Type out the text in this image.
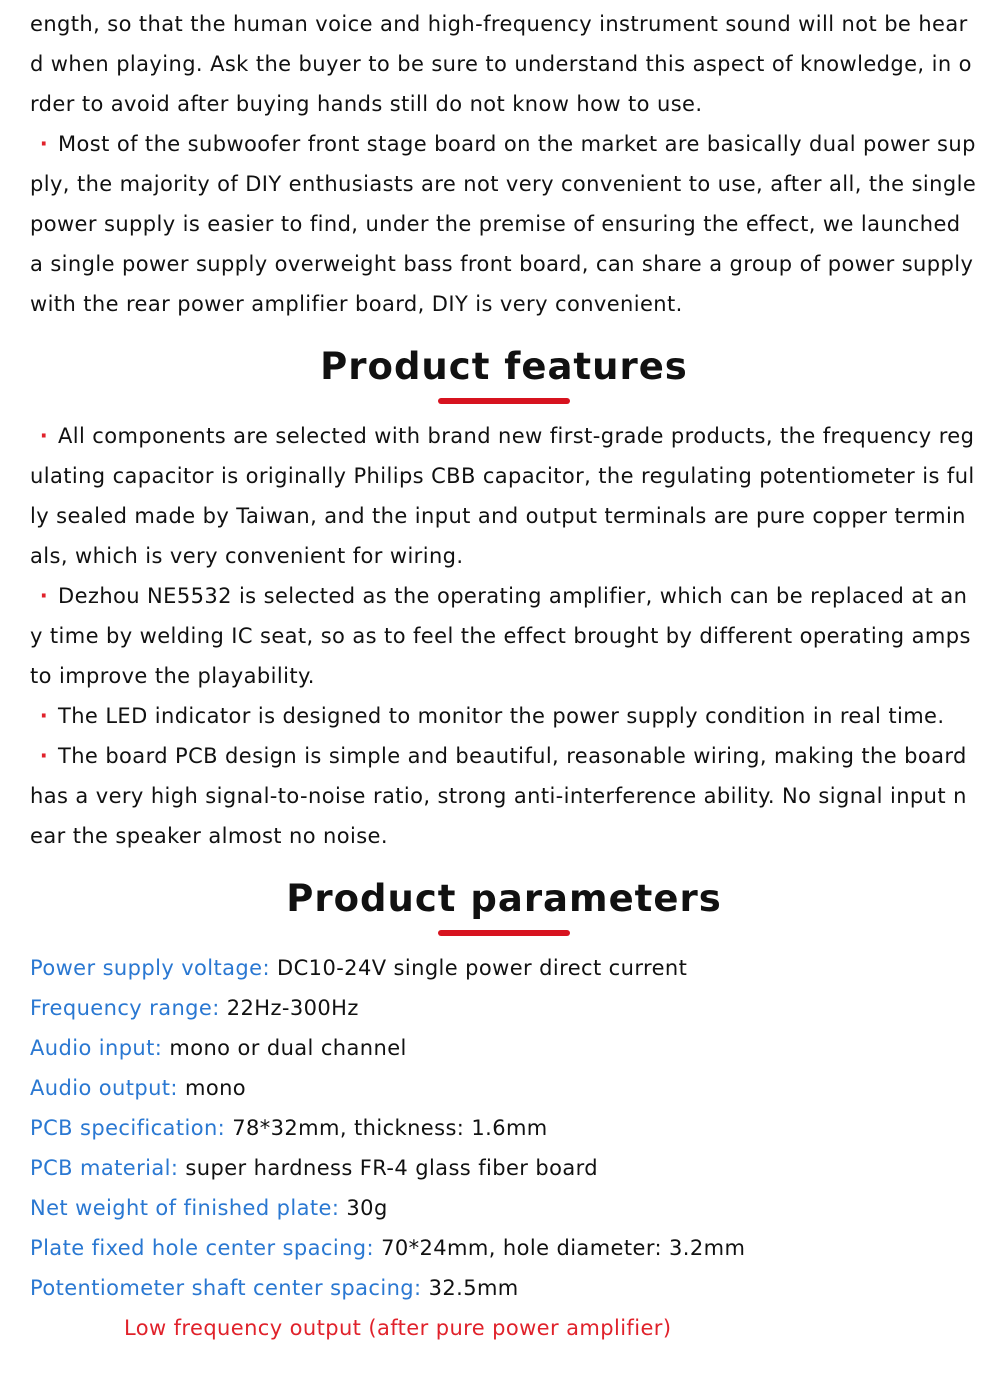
ength, so that the human voice and high-frequency instrument sound will not be heard when playing. Ask the buyer to be sure to understand this aspect of knowledge, in order to avoid after buying hands still do not know how to use.

· Most of the subwoofer front stage board on the market are basically dual power supply, the majority of DIY enthusiasts are not very convenient to use, after all, the single power supply is easier to find, under the premise of ensuring the effect, we launched a single power supply overweight bass front board, can share a group of power supply with the rear power amplifier board, DIY is very convenient.

Product features

· All components are selected with brand new first-grade products, the frequency regulating capacitor is originally Philips CBB capacitor, the regulating potentiometer is fully sealed made by Taiwan, and the input and output terminals are pure copper terminals, which is very convenient for wiring.

· Dezhou NE5532 is selected as the operating amplifier, which can be replaced at any time by welding IC seat, so as to feel the effect brought by different operating amps to improve the playability.

· The LED indicator is designed to monitor the power supply condition in real time.

· The board PCB design is simple and beautiful, reasonable wiring, making the board has a very high signal-to-noise ratio, strong anti-interference ability. No signal input near the speaker almost no noise.

Product parameters

Power supply voltage: DC10-24V single power direct current

Frequency range: 22Hz-300Hz

Audio input: mono or dual channel

Audio output: mono

PCB specification: 78*32mm, thickness: 1.6mm

PCB material: super hardness FR-4 glass fiber board

Net weight of finished plate: 30g

Plate fixed hole center spacing: 70*24mm, hole diameter: 3.2mm

Potentiometer shaft center spacing: 32.5mm

Low frequency output (after pure power amplifier)
